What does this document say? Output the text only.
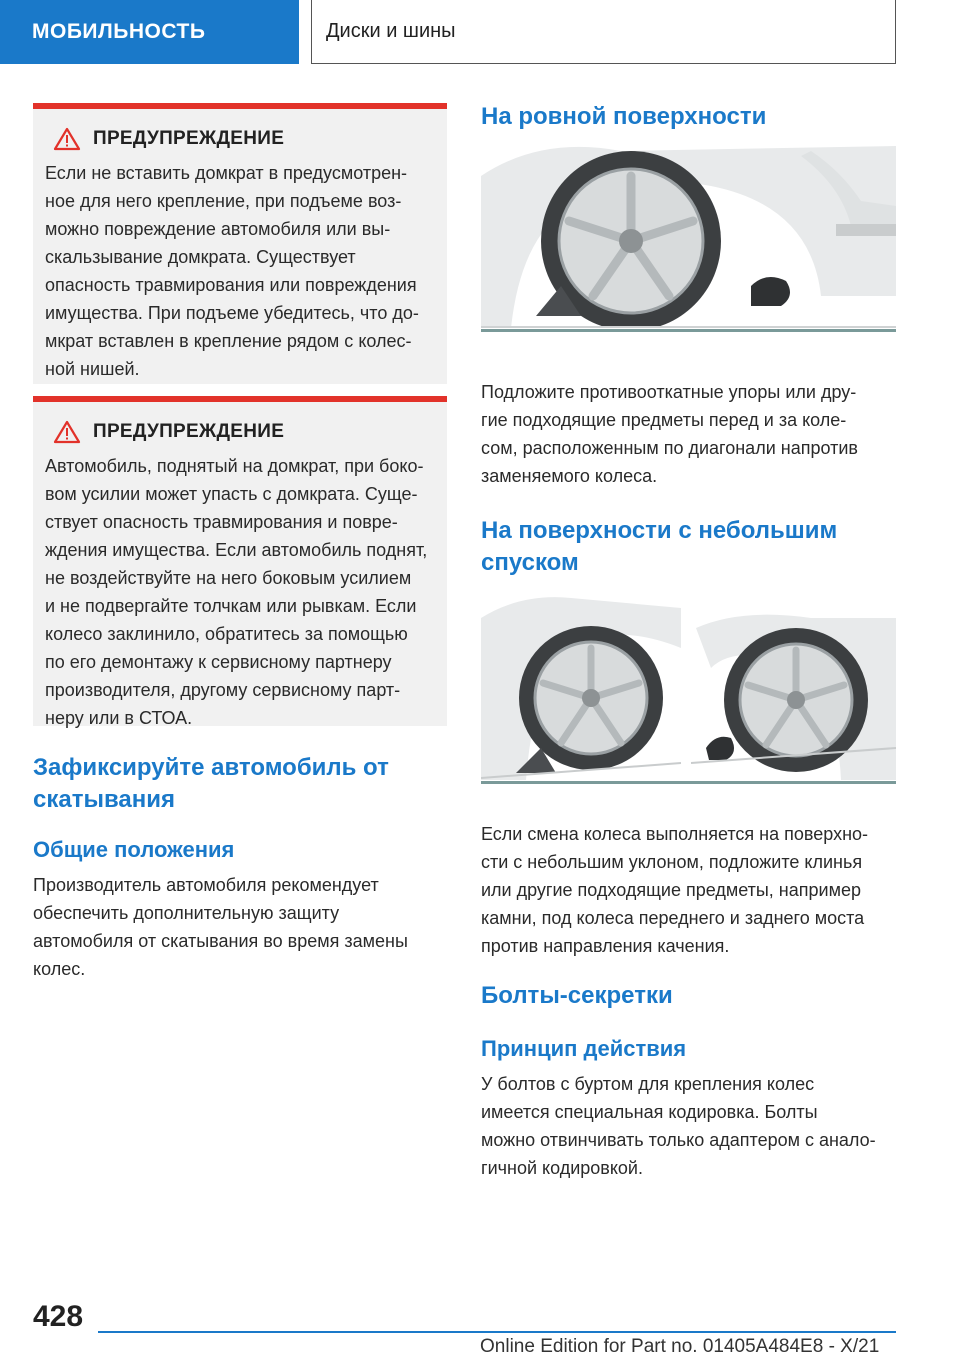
МОБИЛЬНОСТЬ	Диски и шины
ПРЕДУПРЕЖДЕНИЕ

Если не вставить домкрат в предусмотрен-
ное для него крепление, при подъеме воз-
можно повреждение автомобиля или вы-
скальзывание домкрата. Существует
опасность травмирования или повреждения
имущества. При подъеме убедитесь, что до-
мкрат вставлен в крепление рядом с колес-
ной нишей.

ПРЕДУПРЕЖДЕНИЕ

Автомобиль, поднятый на домкрат, при боко-
вом усилии может упасть с домкрата. Суще-
ствует опасность травмирования и повре-
ждения имущества. Если автомобиль поднят,
не воздействуйте на него боковым усилием
и не подвергайте толчкам или рывкам. Если
колесо заклинило, обратитесь за помощью
по его демонтажу к сервисному партнеру
производителя, другому сервисному парт-
неру или в СТОА.

Зафиксируйте автомобиль от
скатывания
Общие положения

Производитель автомобиля рекомендует
обеспечить дополнительную защиту
автомобиля от скатывания во время замены
колес.

На ровной поверхности

Подложите противооткатные упоры или дру-
гие подходящие предметы перед и за коле-
сом, расположенным по диагонали напротив
заменяемого колеса.

На поверхности с небольшим
спуском

Если смена колеса выполняется на поверхно-
сти с небольшим уклоном, подложите клинья
или другие подходящие предметы, например
камни, под колеса переднего и заднего моста
против направления качения.

Болты-секретки
Принцип действия

У болтов с буртом для крепления колес
имеется специальная кодировка. Болты
можно отвинчивать только адаптером с анало-
гичной кодировкой.

428
Online Edition for Part no. 01405A484E8 - X/21
